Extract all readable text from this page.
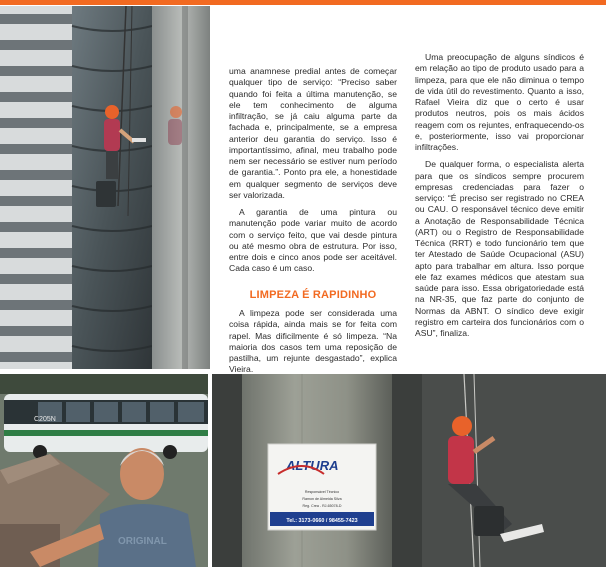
uma anamnese predial antes de começar qualquer tipo de serviço: “Preciso saber quando foi feita a última manutenção, se ele tem conhecimento de alguma infiltração, se já caiu alguma parte da fachada e, principalmente, se a empresa anterior deu garantia do serviço. Isso é importantíssimo, afinal, meu trabalho pode nem ser necessário se estiver num período de garantia.”. Ponto pra ele, a honestidade em qualquer segmento de serviços deve ser valorizada.

A garantia de uma pintura ou manutenção pode variar muito de acordo com o serviço feito, que vai desde pintura ou até mesmo obra de estrutura. Por isso, entre dois e cinco anos pode ser aceitável. Cada caso é um caso.

LIMPEZA É RAPIDINHO

A limpeza pode ser considerada uma coisa rápida, ainda mais se for feita com rapel. Mas dificilmente é só limpeza. “Na maioria dos casos tem uma reposição de pastilha, um rejunte desgastado”, explica Vieira.

Uma preocupação de alguns síndicos é em relação ao tipo de produto usado para a limpeza, para que ele não diminua o tempo de vida útil do revestimento. Quanto a isso, Rafael Vieira diz que o certo é usar produtos neutros, pois os mais ácidos reagem com os rejuntes, enfraquecendo-os e, posteriormente, isso vai proporcionar infiltrações.

De qualquer forma, o especialista alerta para que os síndicos sempre procurem empresas credenciadas para fazer o serviço: “É preciso ser registrado no CREA ou CAU. O responsável técnico deve emitir a Anotação de Responsabilidade Técnica (ART) ou o Registro de Responsabilidade Técnica (RRT) e todo funcionário tem que ter Atestado de Saúde Ocupacional (ASU) apto para trabalhar em altura. Isso porque ele faz exames médicos que atestam sua saúde para isso. Essa obrigatoriedade está na NR-35, que faz parte do conjunto de Normas da ABNT. O síndico deve exigir registro em carteira dos funcionários com o ASU”, finaliza.

C205N
ORIGINAL
ALTURA
Responsável Técnico
Ramon de Almeida Silva
Reg. Crea - RJ-65078-D
Tel.: 3173-0660 / 98455-7423
